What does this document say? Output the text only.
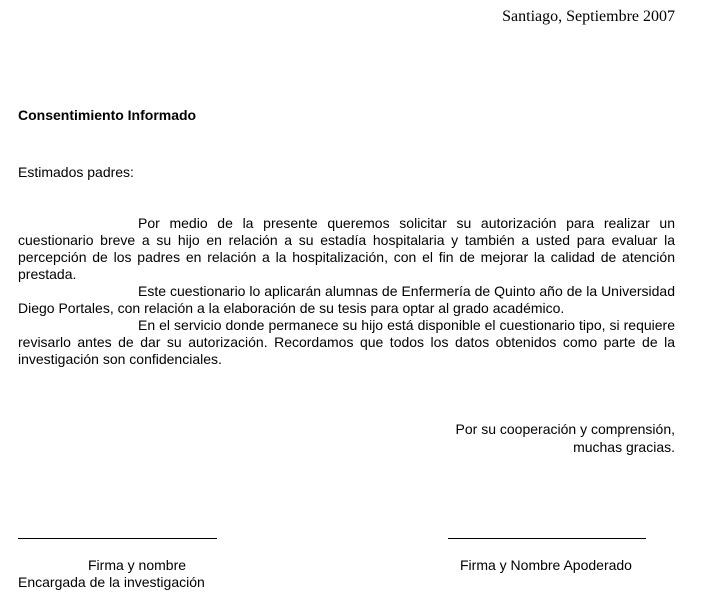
Santiago, Septiembre 2007
Consentimiento Informado
Estimados padres:

Por medio de la presente queremos solicitar su autorización para realizar un cuestionario breve a su hijo en relación a su estadía hospitalaria y también a usted para evaluar la percepción de los padres en relación a la hospitalización, con el fin de mejorar la calidad de atención prestada.

Este cuestionario lo aplicarán alumnas de Enfermería de Quinto año de la Universidad Diego Portales, con relación a la elaboración de su tesis para optar al grado académico.

En el servicio donde permanece su hijo está disponible el cuestionario tipo, si requiere revisarlo antes de dar su autorización. Recordamos que todos los datos obtenidos como parte de la investigación son confidenciales.

Por su cooperación y comprensión,
muchas gracias.
Firma y nombre
Encargada de la investigación
Firma y Nombre Apoderado
